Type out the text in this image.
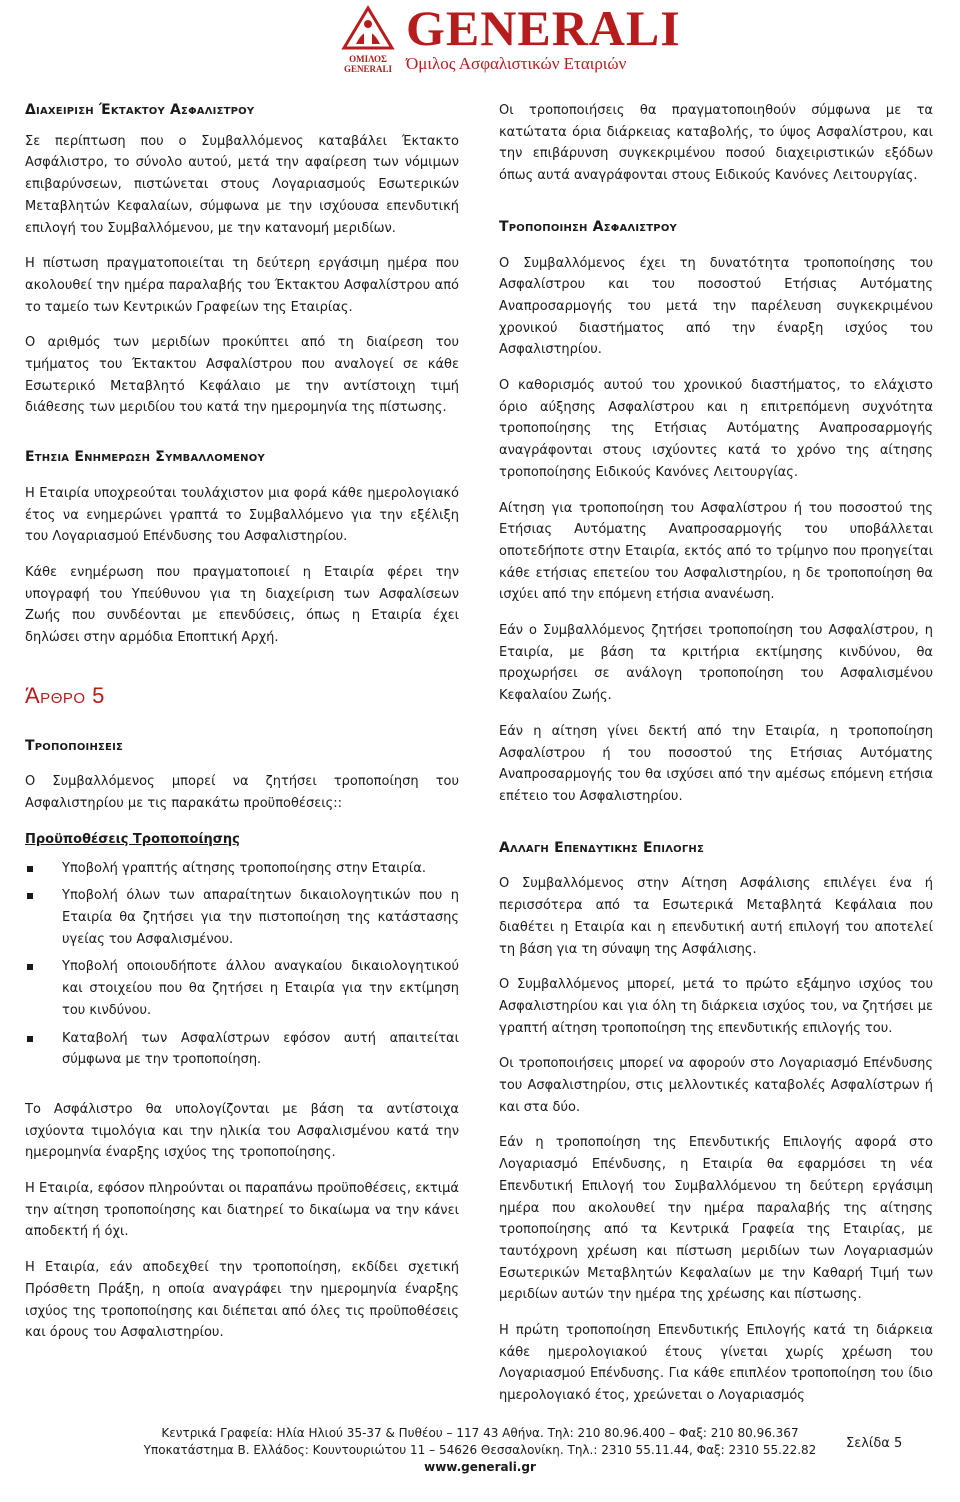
ΟΜΙΛΟΣ
GENERALI
GENERALI
Όμιλος Ασφαλιστικών Εταιριών

Διαχειριση Έκτακτου Ασφαλιστρου

Σε περίπτωση που ο Συμβαλλόμενος καταβάλει Έκτακτο Ασφάλιστρο, το σύνολο αυτού, μετά την αφαίρεση των νόμιμων επιβαρύνσεων, πιστώνεται στους Λογαριασμούς Εσωτερικών Μεταβλητών Κεφαλαίων, σύμφωνα με την ισχύουσα επενδυτική επιλογή του Συμβαλλόμενου, με την κατανομή μεριδίων.

Η πίστωση πραγματοποιείται τη δεύτερη εργάσιμη ημέρα που ακολουθεί την ημέρα παραλαβής του Έκτακτου Ασφαλίστρου από το ταμείο των Κεντρικών Γραφείων της Εταιρίας.

Ο αριθμός των μεριδίων προκύπτει από τη διαίρεση του τμήματος του Έκτακτου Ασφαλίστρου που αναλογεί σε κάθε Εσωτερικό Μεταβλητό Κεφάλαιο με την αντίστοιχη τιμή διάθεσης των μεριδίου του κατά την ημερομηνία της πίστωσης.

Ετησια Ενημερωση Συμβαλλομενου

Η Εταιρία υποχρεούται τουλάχιστον μια φορά κάθε ημερολογιακό έτος να ενημερώνει γραπτά το Συμβαλλόμενο για την εξέλιξη του Λογαριασμού Επένδυσης του Ασφαλιστηρίου.

Κάθε ενημέρωση που πραγματοποιεί η Εταιρία φέρει την υπογραφή του Υπεύθυνου για τη διαχείριση των Ασφαλίσεων Ζωής που συνδέονται με επενδύσεις, όπως η Εταιρία έχει δηλώσει στην αρμόδια Εποπτική Αρχή.

Άρθρο 5

Τροποποιησεις

Ο Συμβαλλόμενος μπορεί να ζητήσει τροποποίηση του Ασφαλιστηρίου με τις παρακάτω προϋποθέσεις::

Προϋποθέσεις Τροποποίησης

Υποβολή γραπτής αίτησης τροποποίησης στην Εταιρία.
Υποβολή όλων των απαραίτητων δικαιολογητικών που η Εταιρία θα ζητήσει για την πιστοποίηση της κατάστασης υγείας του Ασφαλισμένου.
Υποβολή οποιουδήποτε άλλου αναγκαίου δικαιολογητικού και στοιχείου που θα ζητήσει η Εταιρία για την εκτίμηση του κινδύνου.
Καταβολή των Ασφαλίστρων εφόσον αυτή απαιτείται σύμφωνα με την τροποποίηση.

Το Ασφάλιστρο θα υπολογίζονται με βάση τα αντίστοιχα ισχύοντα τιμολόγια και την ηλικία του Ασφαλισμένου κατά την ημερομηνία έναρξης ισχύος της τροποποίησης.

Η Εταιρία, εφόσον πληρούνται οι παραπάνω προϋποθέσεις, εκτιμά την αίτηση τροποποίησης και διατηρεί το δικαίωμα να την κάνει αποδεκτή ή όχι.

Η Εταιρία, εάν αποδεχθεί την τροποποίηση, εκδίδει σχετική Πρόσθετη Πράξη, η οποία αναγράφει την ημερομηνία έναρξης ισχύος της τροποποίησης και διέπεται από όλες τις προϋποθέσεις και όρους του Ασφαλιστηρίου.

Οι τροποποιήσεις θα πραγματοποιηθούν σύμφωνα με τα κατώτατα όρια διάρκειας καταβολής, το ύψος Ασφαλίστρου, και την επιβάρυνση συγκεκριμένου ποσού διαχειριστικών εξόδων όπως αυτά αναγράφονται στους Ειδικούς Κανόνες Λειτουργίας.

Τροποποιηση Ασφαλιστρου

Ο Συμβαλλόμενος έχει τη δυνατότητα τροποποίησης του Ασφαλίστρου και του ποσοστού Ετήσιας Αυτόματης Αναπροσαρμογής του μετά την παρέλευση συγκεκριμένου χρονικού διαστήματος από την έναρξη ισχύος του Ασφαλιστηρίου.

Ο καθορισμός αυτού του χρονικού διαστήματος, το ελάχιστο όριο αύξησης Ασφαλίστρου και η επιτρεπόμενη συχνότητα τροποποίησης της Ετήσιας Αυτόματης Αναπροσαρμογής αναγράφονται στους ισχύοντες κατά το χρόνο της αίτησης τροποποίησης Ειδικούς Κανόνες Λειτουργίας.

Αίτηση για τροποποίηση του Ασφαλίστρου ή του ποσοστού της Ετήσιας Αυτόματης Αναπροσαρμογής του υποβάλλεται οποτεδήποτε στην Εταιρία, εκτός από το τρίμηνο που προηγείται κάθε ετήσιας επετείου του Ασφαλιστηρίου, η δε τροποποίηση θα ισχύει από την επόμενη ετήσια ανανέωση.

Εάν ο Συμβαλλόμενος ζητήσει τροποποίηση του Ασφαλίστρου, η Εταιρία, με βάση τα κριτήρια εκτίμησης κινδύνου, θα προχωρήσει σε ανάλογη τροποποίηση του Ασφαλισμένου Κεφαλαίου Ζωής.

Εάν η αίτηση γίνει δεκτή από την Εταιρία, η τροποποίηση Ασφαλίστρου ή του ποσοστού της Ετήσιας Αυτόματης Αναπροσαρμογής του θα ισχύσει από την αμέσως επόμενη ετήσια επέτειο του Ασφαλιστηρίου.

Αλλαγη Επενδυτικης Επιλογης

Ο Συμβαλλόμενος στην Αίτηση Ασφάλισης επιλέγει ένα ή περισσότερα από τα Εσωτερικά Μεταβλητά Κεφάλαια που διαθέτει η Εταιρία και η επενδυτική αυτή επιλογή του αποτελεί τη βάση για τη σύναψη της Ασφάλισης.

Ο Συμβαλλόμενος μπορεί, μετά το πρώτο εξάμηνο ισχύος του Ασφαλιστηρίου και για όλη τη διάρκεια ισχύος του, να ζητήσει με γραπτή αίτηση τροποποίηση της επενδυτικής επιλογής του.

Οι τροποποιήσεις μπορεί να αφορούν στο Λογαριασμό Επένδυσης του Ασφαλιστηρίου, στις μελλοντικές καταβολές Ασφαλίστρων ή και στα δύο.

Εάν η τροποποίηση της Επενδυτικής Επιλογής αφορά στο Λογαριασμό Επένδυσης, η Εταιρία θα εφαρμόσει τη νέα Επενδυτική Επιλογή του Συμβαλλόμενου τη δεύτερη εργάσιμη ημέρα που ακολουθεί την ημέρα παραλαβής της αίτησης τροποποίησης από τα Κεντρικά Γραφεία της Εταιρίας, με ταυτόχρονη χρέωση και πίστωση μεριδίων των Λογαριασμών Εσωτερικών Μεταβλητών Κεφαλαίων με την Καθαρή Τιμή των μεριδίων αυτών την ημέρα της χρέωσης και πίστωσης.

Η πρώτη τροποποίηση Επενδυτικής Επιλογής κατά τη διάρκεια κάθε ημερολογιακού έτους γίνεται χωρίς χρέωση του Λογαριασμού Επένδυσης. Για κάθε επιπλέον τροποποίηση του ίδιο ημερολογιακό έτος, χρεώνεται ο Λογαριασμός

Σελίδα 5
Κεντρικά Γραφεία: Ηλία Ηλιού 35-37 & Πυθέου – 117 43 Αθήνα. Τηλ: 210 80.96.400 – Φαξ: 210 80.96.367
Υποκατάστημα Β. Ελλάδος: Κουντουριώτου 11 – 54626 Θεσσαλονίκη. Τηλ.: 2310 55.11.44, Φαξ: 2310 55.22.82
www.generali.gr
